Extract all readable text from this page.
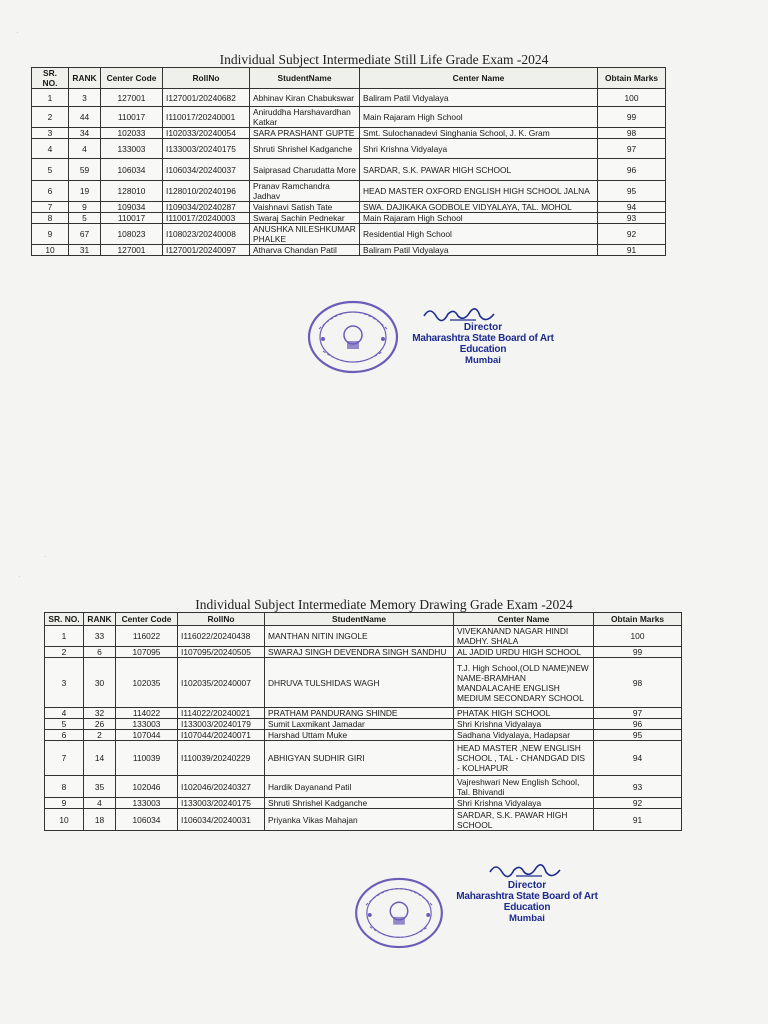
Individual Subject Intermediate Still Life Grade Exam -2024
SR. NO.	RANK	Center Code	RollNo	StudentName	Center Name	Obtain Marks
1	3	127001	I127001/20240682	Abhinav Kiran Chabukswar	Baliram Patil Vidyalaya	100
2	44	110017	I110017/20240001	Aniruddha Harshavardhan Katkar	Main Rajaram High School	99
3	34	102033	I102033/20240054	SARA PRASHANT GUPTE	Smt. Sulochanadevi Singhania School, J. K. Gram	98
4	4	133003	I133003/20240175	Shruti Shrishel Kadganche	Shri Krishna Vidyalaya	97
5	59	106034	I106034/20240037	Saiprasad Charudatta More	SARDAR, S.K. PAWAR HIGH SCHOOL	96
6	19	128010	I128010/20240196	Pranav Ramchandra Jadhav	HEAD MASTER OXFORD ENGLISH HIGH SCHOOL JALNA	95
7	9	109034	I109034/20240287	Vaishnavi Satish Tate	SWA. DAJIKAKA GODBOLE VIDYALAYA, TAL. MOHOL	94
8	5	110017	I110017/20240003	Swaraj Sachin Pednekar	Main Rajaram High School	93
9	67	108023	I108023/20240008	ANUSHKA NILESHKUMAR PHALKE	Residential High School	92
10	31	127001	I127001/20240097	Atharva Chandan Patil	Baliram Patil Vidyalaya	91
Director
Maharashtra State Board of Art Education
Mumbai
Individual Subject Intermediate Memory Drawing Grade Exam -2024
SR. NO.	RANK	Center Code	RollNo	StudentName	Center Name	Obtain Marks
1	33	116022	I116022/20240438	MANTHAN NITIN INGOLE	VIVEKANAND NAGAR HINDI MADHY. SHALA	100
2	6	107095	I107095/20240505	SWARAJ SINGH DEVENDRA SINGH SANDHU	AL JADID URDU HIGH SCHOOL	99
3	30	102035	I102035/20240007	DHRUVA TULSHIDAS WAGH	T.J. High School,(OLD NAME)NEW NAME-BRAMHAN MANDALACAHE ENGLISH MEDIUM SECONDARY SCHOOL	98
4	32	114022	I114022/20240021	PRATHAM PANDURANG SHINDE	PHATAK HIGH SCHOOL	97
5	26	133003	I133003/20240179	Sumit Laxmikant Jamadar	Shri Krishna Vidyalaya	96
6	2	107044	I107044/20240071	Harshad Uttam Muke	Sadhana Vidyalaya, Hadapsar	95
7	14	110039	I110039/20240229	ABHIGYAN SUDHIR GIRI	HEAD MASTER ,NEW ENGLISH SCHOOL , TAL - CHANDGAD DIS - KOLHAPUR	94
8	35	102046	I102046/20240327	Hardik Dayanand Patil	Vajreshwari New English School, Tal. Bhivandi	93
9	4	133003	I133003/20240175	Shruti Shrishel Kadganche	Shri Krishna Vidyalaya	92
10	18	106034	I106034/20240031	Priyanka Vikas Mahajan	SARDAR, S.K. PAWAR HIGH SCHOOL	91
Director
Maharashtra State Board of Art Education
Mumbai
·
·
·
